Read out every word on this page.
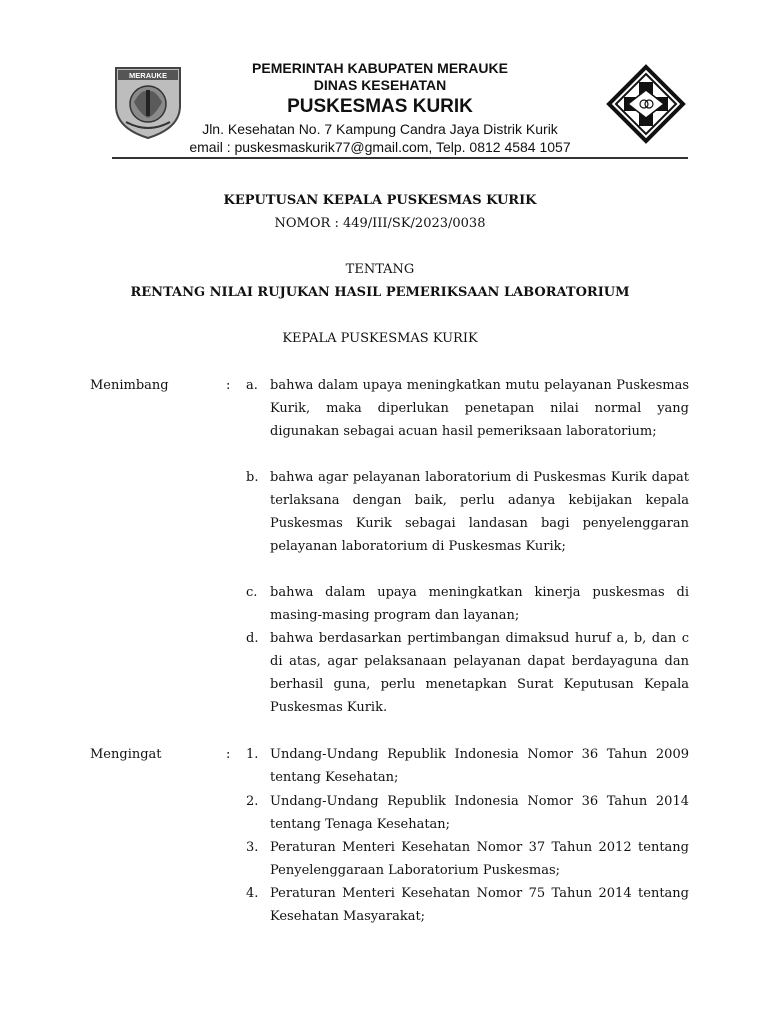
MERAUKE	PEMERINTAH KABUPATEN MERAUKE
DINAS KESEHATAN
PUSKESMAS KURIK
Jln. Kesehatan No. 7 Kampung Candra Jaya Distrik Kurik
email : puskesmaskurik77@gmail.com, Telp. 0812 4584 1057
KEPUTUSAN KEPALA PUSKESMAS KURIK
NOMOR : 449/III/SK/2023/0038
TENTANG
RENTANG NILAI RUJUKAN HASIL PEMERIKSAAN LABORATORIUM
KEPALA PUSKESMAS KURIK
Menimbang	: a. bahwa dalam upaya meningkatkan mutu pelayanan Puskesmas Kurik, maka diperlukan penetapan nilai normal yang digunakan sebagai acuan hasil pemeriksaan laboratorium;
b. bahwa agar pelayanan laboratorium di Puskesmas Kurik dapat terlaksana dengan baik, perlu adanya kebijakan kepala Puskesmas Kurik sebagai landasan bagi penyelenggaran pelayanan laboratorium di Puskesmas Kurik;
c. bahwa dalam upaya meningkatkan kinerja puskesmas di masing-masing program dan layanan;
d. bahwa berdasarkan pertimbangan dimaksud huruf a, b, dan c di atas, agar pelaksanaan pelayanan dapat berdayaguna dan berhasil guna, perlu menetapkan Surat Keputusan Kepala Puskesmas Kurik.
Mengingat	: 1. Undang-Undang Republik Indonesia Nomor 36 Tahun 2009 tentang Kesehatan;
2. Undang-Undang Republik Indonesia Nomor 36 Tahun 2014 tentang Tenaga Kesehatan;
3. Peraturan Menteri Kesehatan Nomor 37 Tahun 2012 tentang Penyelenggaraan Laboratorium Puskesmas;
4. Peraturan Menteri Kesehatan Nomor 75 Tahun 2014 tentang Kesehatan Masyarakat;
